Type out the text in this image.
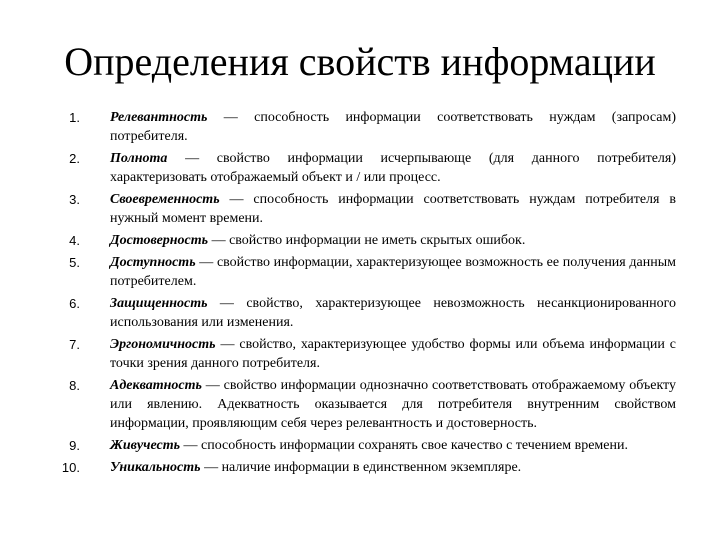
Определения свойств информации
1. Релевантность — способность информации соответствовать нуждам (запросам) потребителя.
2. Полнота — свойство информации исчерпывающе (для данного потребителя) характеризовать отображаемый объект и / или процесс.
3. Своевременность — способность информации соответствовать нуждам потребителя в нужный момент времени.
4. Достоверность — свойство информации не иметь скрытых ошибок.
5. Доступность — свойство информации, характеризующее возможность ее получения данным потребителем.
6. Защищенность — свойство, характеризующее невозможность несанкционированного использования или изменения.
7. Эргономичность — свойство, характеризующее удобство формы или объема информации с точки зрения данного потребителя.
8. Адекватность — свойство информации однозначно соответствовать отображаемому объекту или явлению. Адекватность оказывается для потребителя внутренним свойством информации, проявляющим себя через релевантность и достоверность.
9. Живучесть — способность информации сохранять свое качество с течением времени.
10. Уникальность — наличие информации в единственном экземпляре.
